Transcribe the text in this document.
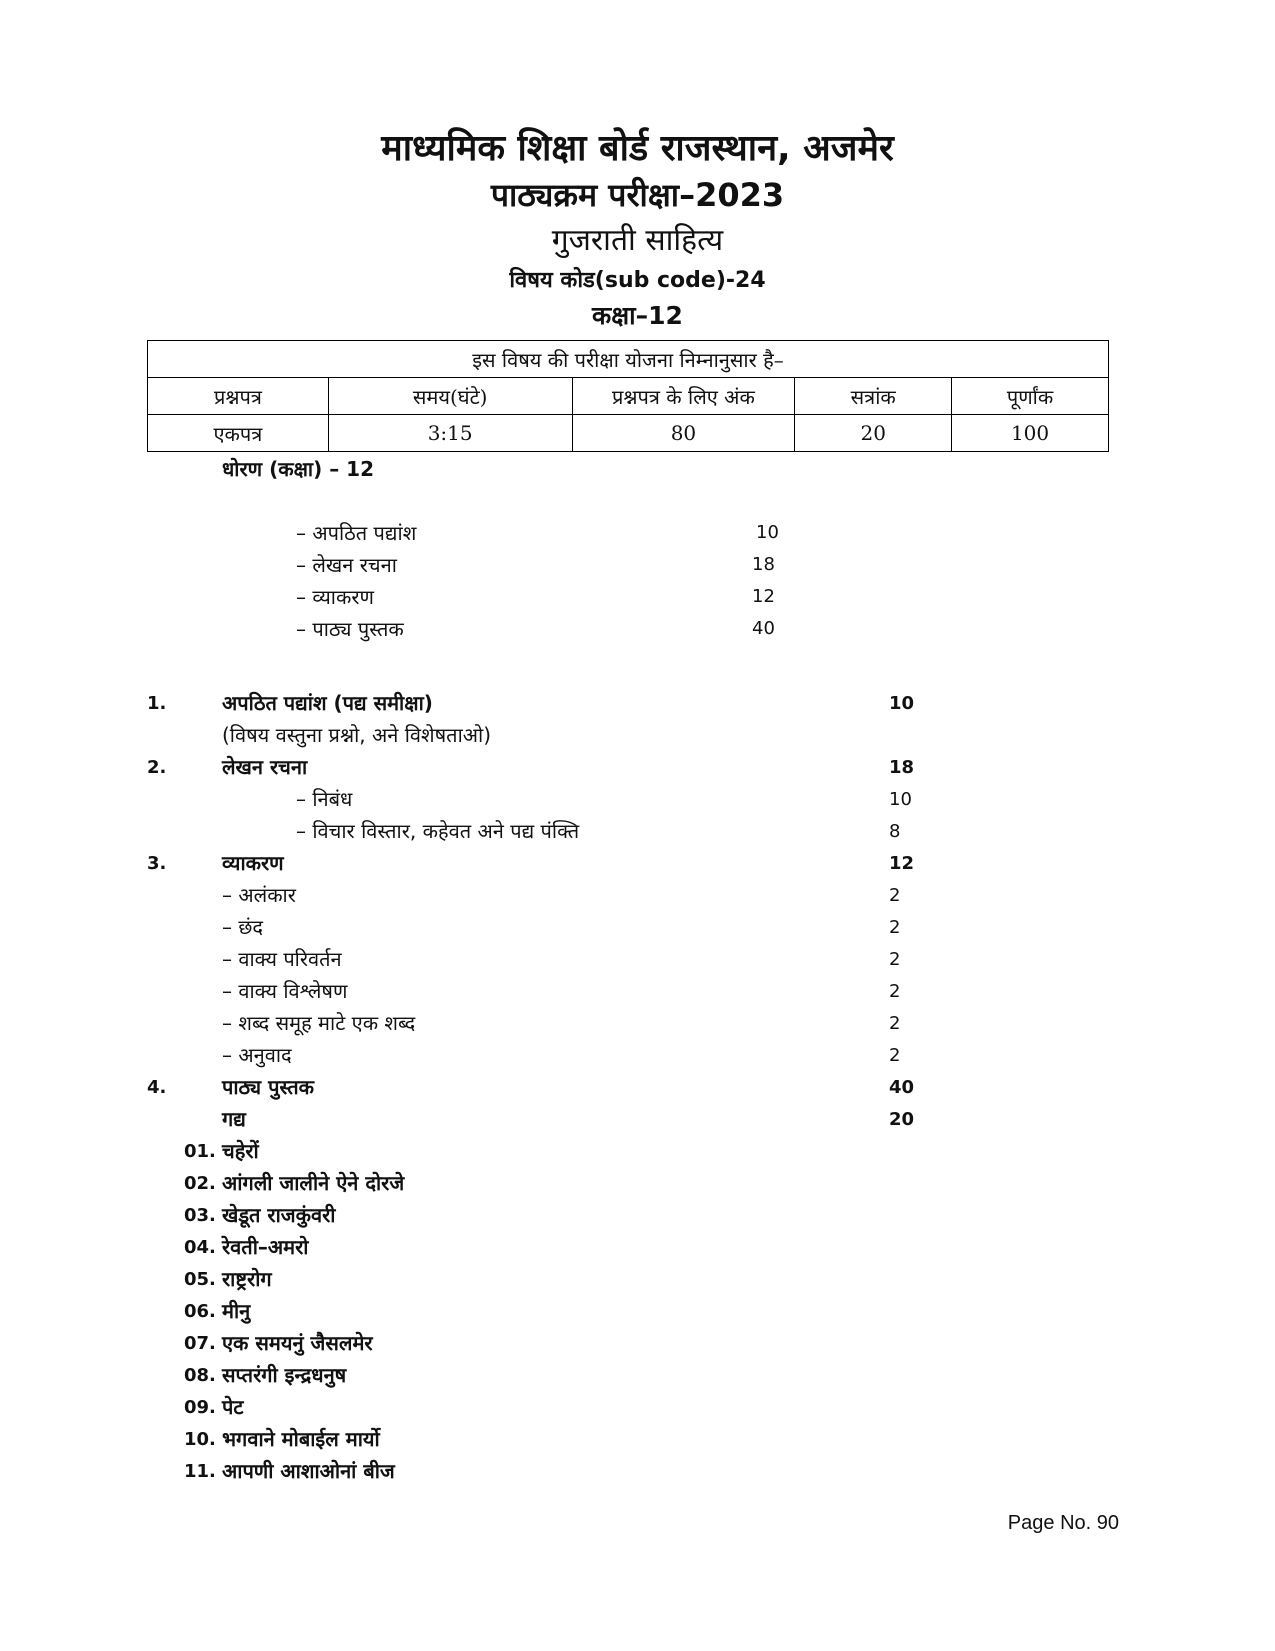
माध्यमिक शिक्षा बोर्ड राजस्थान, अजमेर
पाठ्यक्रम परीक्षा–2023
गुजराती साहित्य
विषय कोड(sub code)-24
कक्षा–12
इस विषय की परीक्षा योजना निम्नानुसार है–				
प्रश्नपत्र	समय(घंटे)	प्रश्नपत्र के लिए अंक	सत्रांक	पूर्णांक
एकपत्र	3:15	80	20	100
धोरण (कक्षा) – 12
– अपठित पद्यांश	10
– लेखन रचना	18
– व्याकरण	12
– पाठ्य पुस्तक	40
1.	अपठित पद्यांश (पद्य समीक्षा)	10
(विषय वस्तुना प्रश्नो, अने विशेषताओ)
2.	लेखन रचना	18
– निबंध	10
– विचार विस्तार, कहेवत अने पद्य पंक्ति	8
3.	व्याकरण	12
– अलंकार	2
– छंद	2
– वाक्य परिवर्तन	2
– वाक्य विश्लेषण	2
– शब्द समूह माटे एक शब्द	2
– अनुवाद	2
4.	पाठ्य पुस्तक	40
गद्य	20
01. चहेरों
02. आंगली जालीने ऐने दोरजे
03. खेडूत राजकुंवरी
04. रेवती–अमरो
05. राष्ट्ररोग
06. मीनु
07. एक समयनुं जैसलमेर
08. सप्तरंगी इन्द्रधनुष
09. पेट
10. भगवाने मोबाईल मार्यो
11. आपणी आशाओनां बीज
Page No. 90
